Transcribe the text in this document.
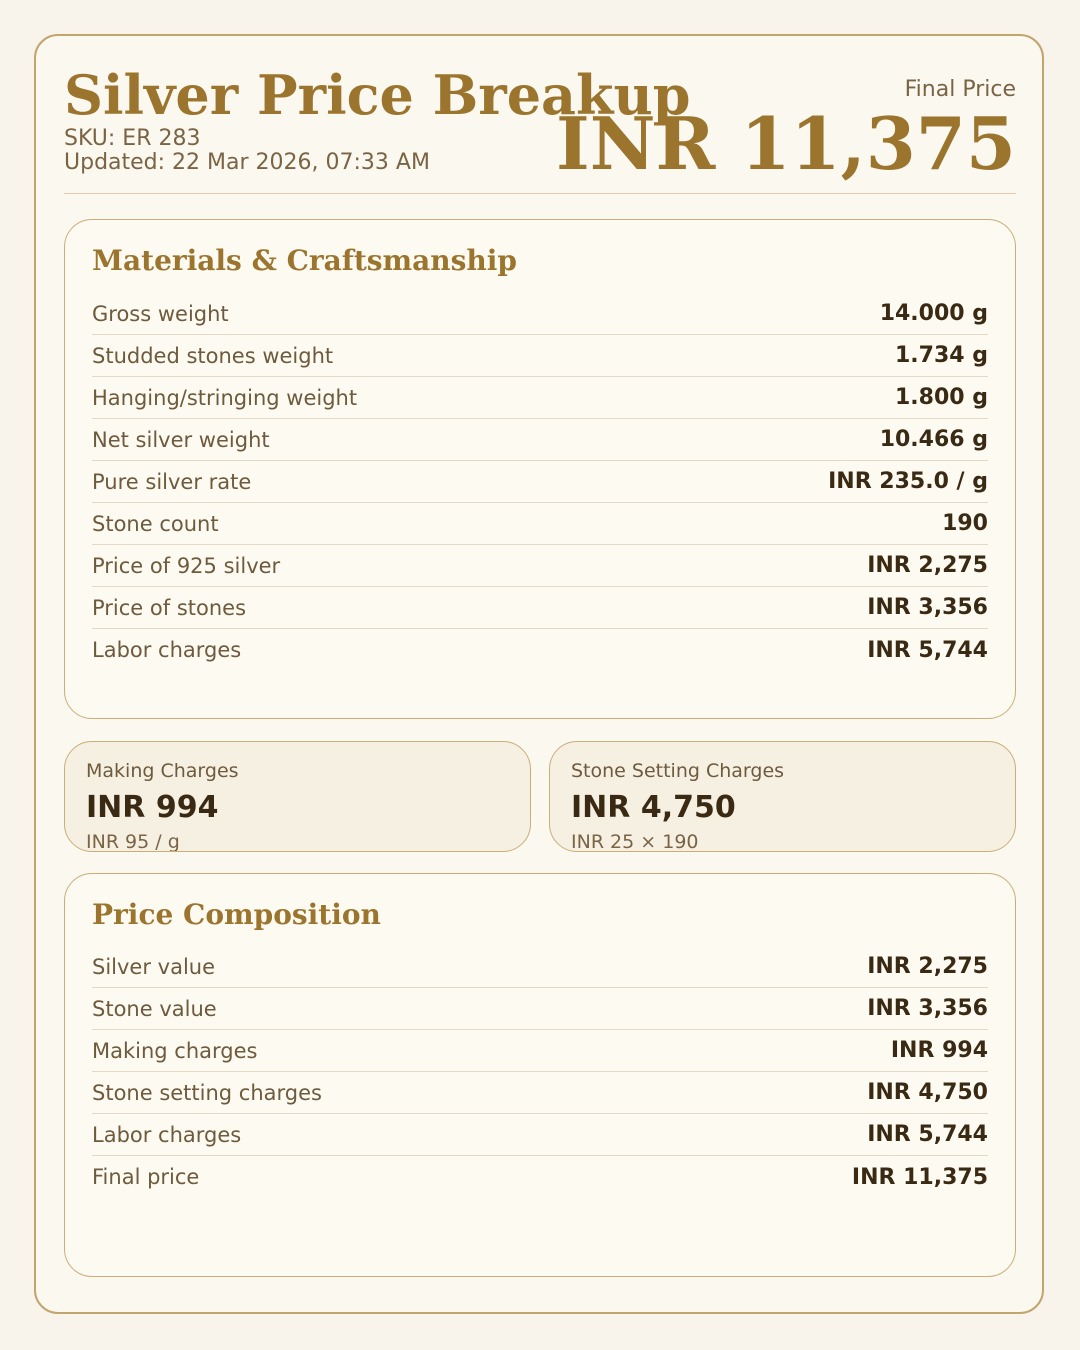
Silver Price Breakup
SKU: ER 283
Updated: 22 Mar 2026, 07:33 AM
Final Price
INR 11,375
Materials & Craftsmanship
Gross weight	14.000 g
Studded stones weight	1.734 g
Hanging/stringing weight	1.800 g
Net silver weight	10.466 g
Pure silver rate	INR 235.0 / g
Stone count	190
Price of 925 silver	INR 2,275
Price of stones	INR 3,356
Labor charges	INR 5,744
Making Charges
INR 994
INR 95 / g
Stone Setting Charges
INR 4,750
INR 25 × 190
Price Composition
Silver value	INR 2,275
Stone value	INR 3,356
Making charges	INR 994
Stone setting charges	INR 4,750
Labor charges	INR 5,744
Final price	INR 11,375
